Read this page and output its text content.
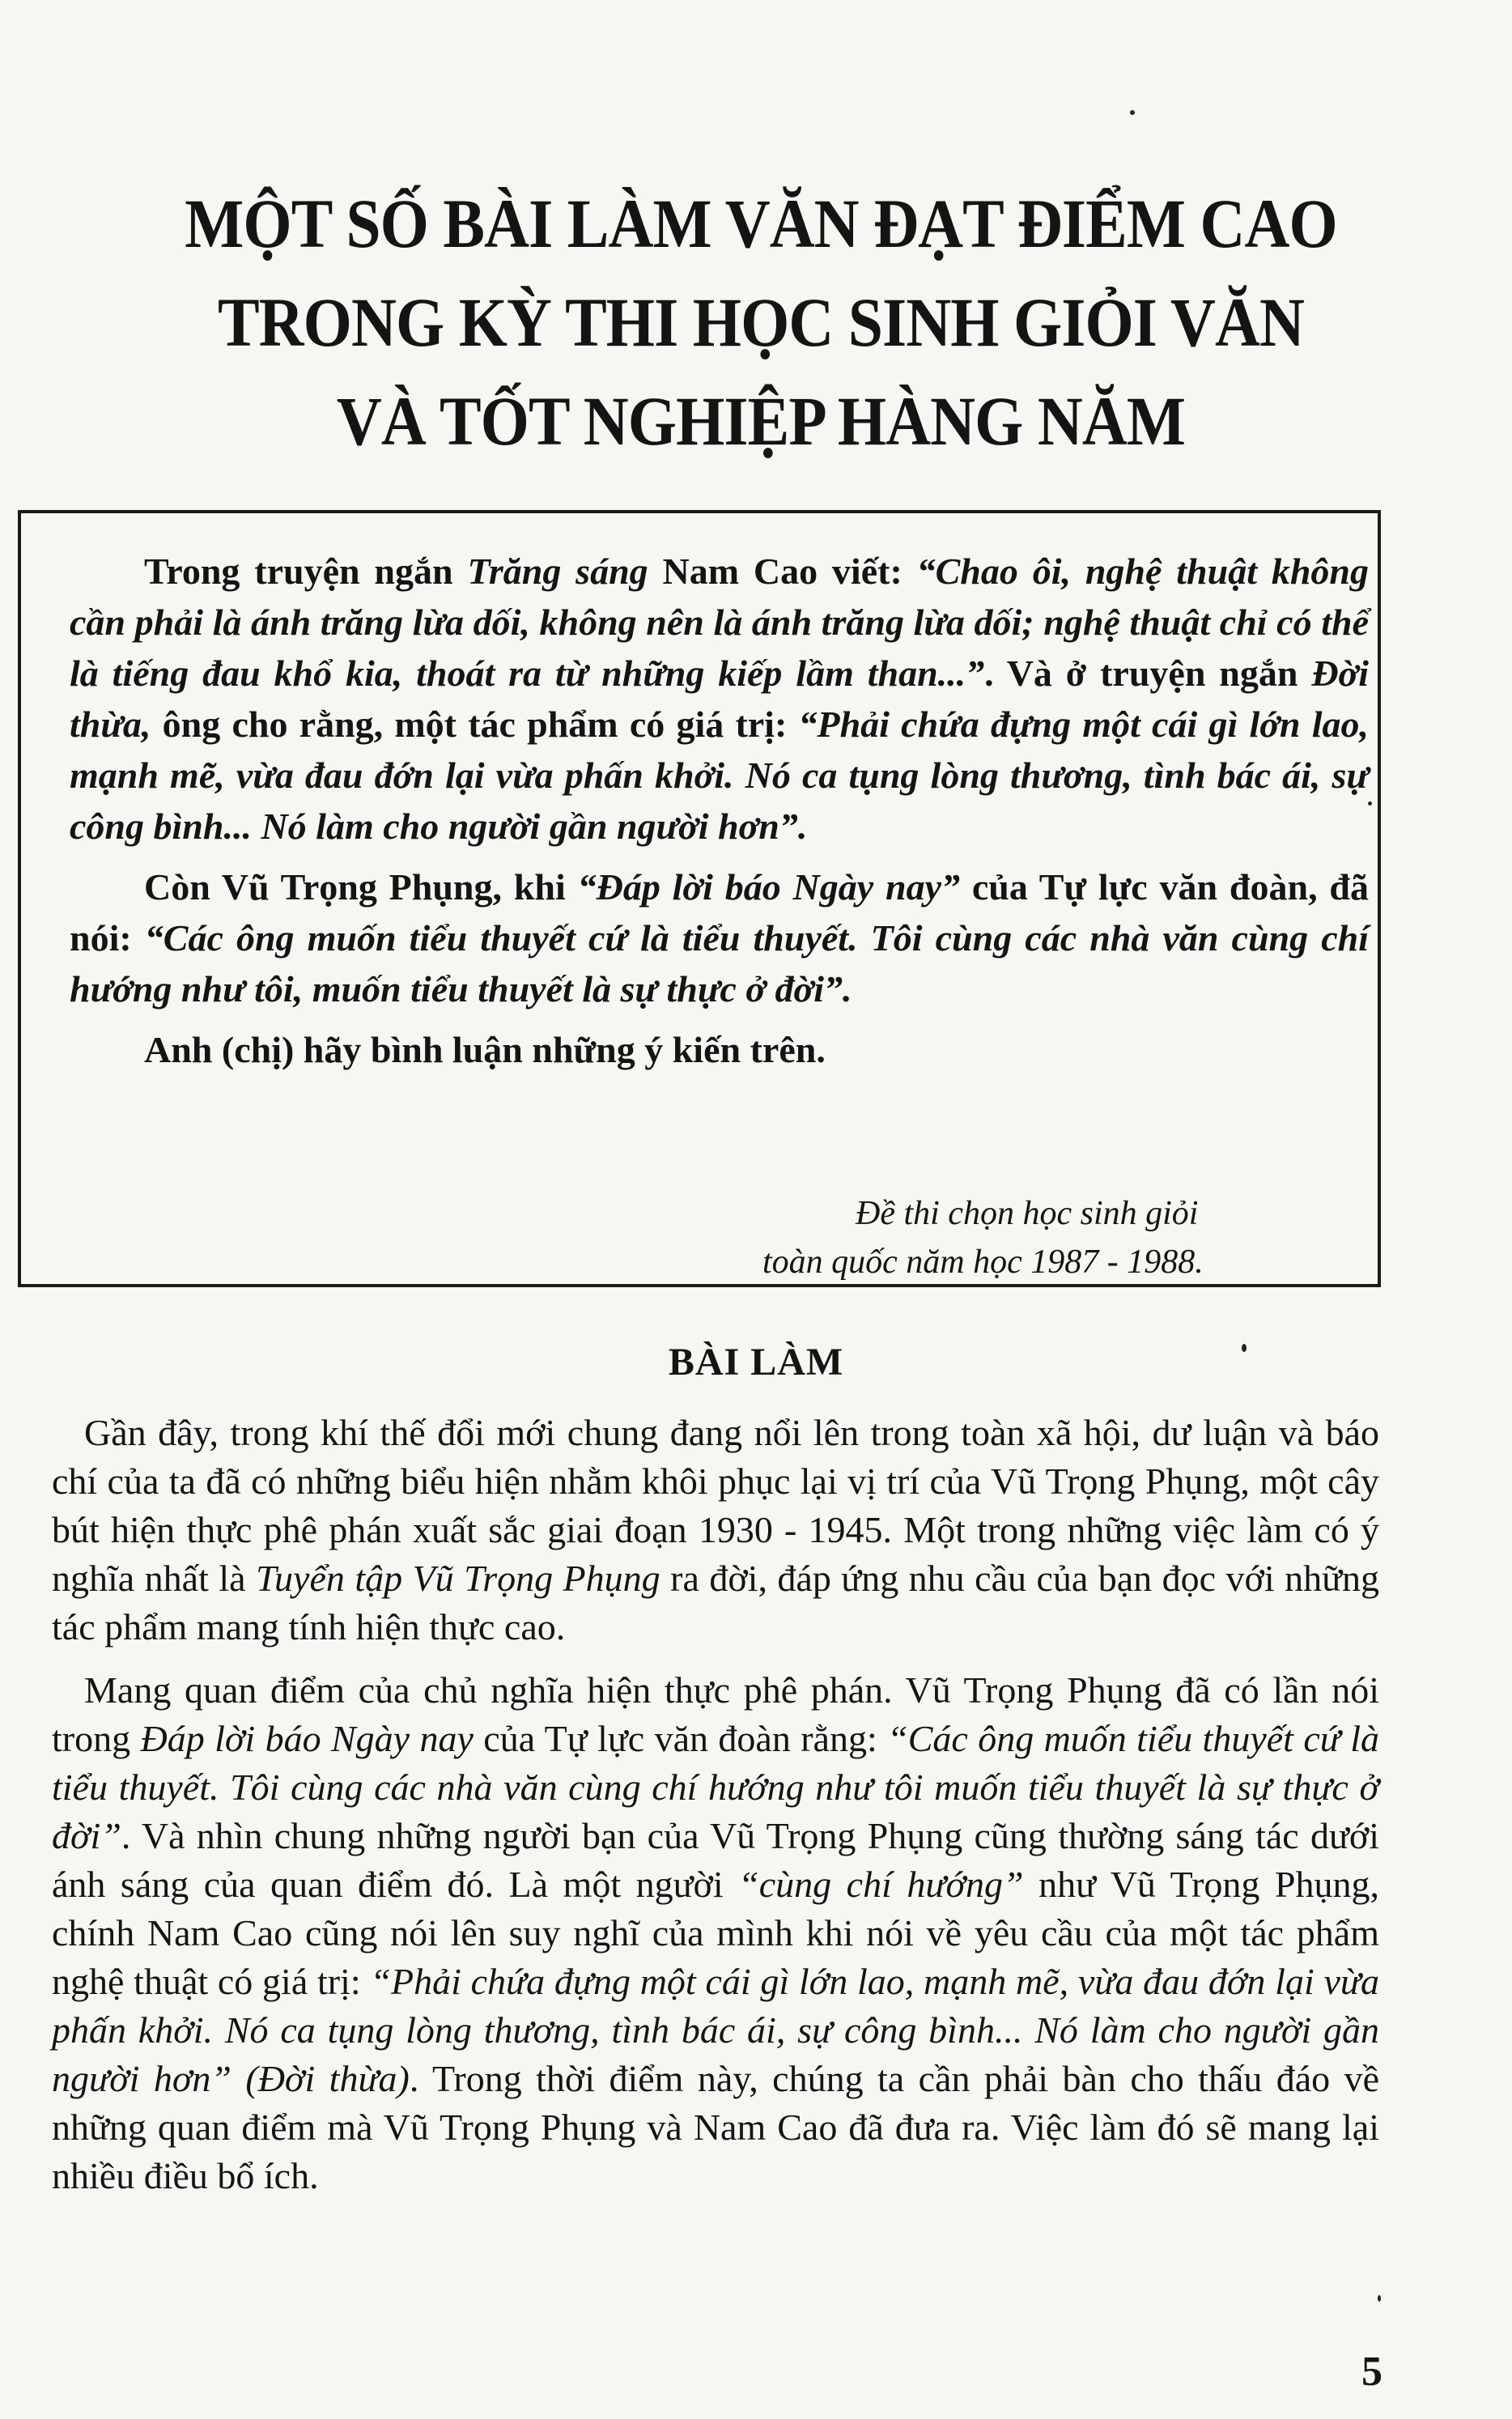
MỘT SỐ BÀI LÀM VĂN ĐẠT ĐIỂM CAO
TRONG KỲ THI HỌC SINH GIỎI VĂN
VÀ TỐT NGHIỆP HÀNG NĂM

Trong truyện ngắn Trăng sáng Nam Cao viết: “Chao ôi, nghệ thuật không cần phải là ánh trăng lừa dối, không nên là ánh trăng lừa dối; nghệ thuật chỉ có thể là tiếng đau khổ kia, thoát ra từ những kiếp lầm than...”. Và ở truyện ngắn Đời thừa, ông cho rằng, một tác phẩm có giá trị: “Phải chứa đựng một cái gì lớn lao, mạnh mẽ, vừa đau đớn lại vừa phấn khởi. Nó ca tụng lòng thương, tình bác ái, sự công bình... Nó làm cho người gần người hơn”.

Còn Vũ Trọng Phụng, khi “Đáp lời báo Ngày nay” của Tự lực văn đoàn, đã nói: “Các ông muốn tiểu thuyết cứ là tiểu thuyết. Tôi cùng các nhà văn cùng chí hướng như tôi, muốn tiểu thuyết là sự thực ở đời”.

Anh (chị) hãy bình luận những ý kiến trên.

Đề thi chọn học sinh giỏi
toàn quốc năm học 1987 - 1988.
BÀI LÀM

Gần đây, trong khí thế đổi mới chung đang nổi lên trong toàn xã hội, dư luận và báo chí của ta đã có những biểu hiện nhằm khôi phục lại vị trí của Vũ Trọng Phụng, một cây bút hiện thực phê phán xuất sắc giai đoạn 1930 - 1945. Một trong những việc làm có ý nghĩa nhất là Tuyển tập Vũ Trọng Phụng ra đời, đáp ứng nhu cầu của bạn đọc với những tác phẩm mang tính hiện thực cao.

Mang quan điểm của chủ nghĩa hiện thực phê phán. Vũ Trọng Phụng đã có lần nói trong Đáp lời báo Ngày nay của Tự lực văn đoàn rằng: “Các ông muốn tiểu thuyết cứ là tiểu thuyết. Tôi cùng các nhà văn cùng chí hướng như tôi muốn tiểu thuyết là sự thực ở đời”. Và nhìn chung những người bạn của Vũ Trọng Phụng cũng thường sáng tác dưới ánh sáng của quan điểm đó. Là một người “cùng chí hướng” như Vũ Trọng Phụng, chính Nam Cao cũng nói lên suy nghĩ của mình khi nói về yêu cầu của một tác phẩm nghệ thuật có giá trị: “Phải chứa đựng một cái gì lớn lao, mạnh mẽ, vừa đau đớn lại vừa phấn khởi. Nó ca tụng lòng thương, tình bác ái, sự công bình... Nó làm cho người gần người hơn” (Đời thừa). Trong thời điểm này, chúng ta cần phải bàn cho thấu đáo về những quan điểm mà Vũ Trọng Phụng và Nam Cao đã đưa ra. Việc làm đó sẽ mang lại nhiều điều bổ ích.

5
